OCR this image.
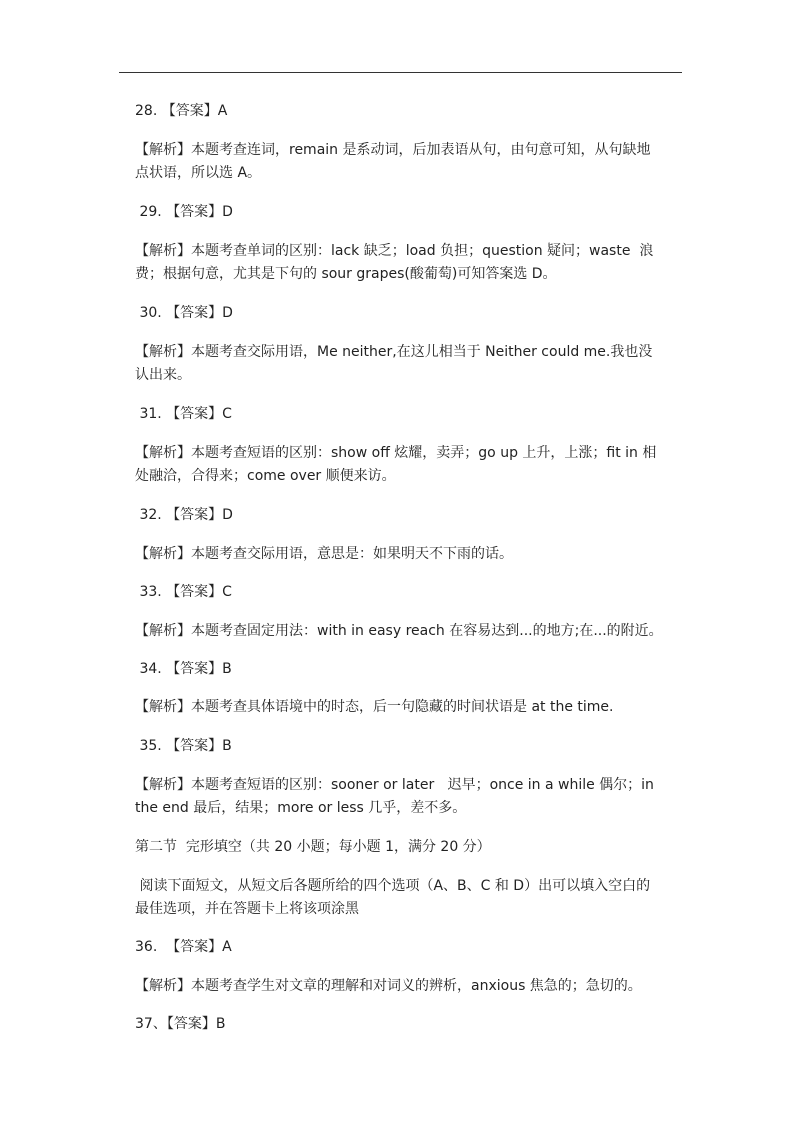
28. 【答案】A
【解析】本题考查连词，remain 是系动词，后加表语从句，由句意可知，从句缺地
点状语，所以选 A。
29. 【答案】D
【解析】本题考查单词的区别：lack 缺乏；load 负担；question 疑问；waste  浪
费；根据句意，尤其是下句的 sour grapes(酸葡萄)可知答案选 D。
30. 【答案】D
【解析】本题考查交际用语，Me neither,在这儿相当于 Neither could me.我也没
认出来。
31. 【答案】C
【解析】本题考查短语的区别：show off 炫耀，卖弄；go up 上升，上涨；fit in 相
处融洽，合得来；come over 顺便来访。
32. 【答案】D
【解析】本题考查交际用语，意思是：如果明天不下雨的话。
33. 【答案】C
【解析】本题考查固定用法：with in easy reach 在容易达到...的地方;在...的附近。
34. 【答案】B
【解析】本题考查具体语境中的时态，后一句隐藏的时间状语是 at the time.
35. 【答案】B
【解析】本题考查短语的区别：sooner or later   迟早；once in a while 偶尔；in
the end 最后，结果；more or less 几乎，差不多。
第二节  完形填空（共 20 小题；每小题 1，满分 20 分）
阅读下面短文，从短文后各题所给的四个选项（A、B、C 和 D）出可以填入空白的
最佳选项，并在答题卡上将该项涂黑
36.  【答案】A
【解析】本题考查学生对文章的理解和对词义的辨析，anxious 焦急的；急切的。
37、【答案】B
